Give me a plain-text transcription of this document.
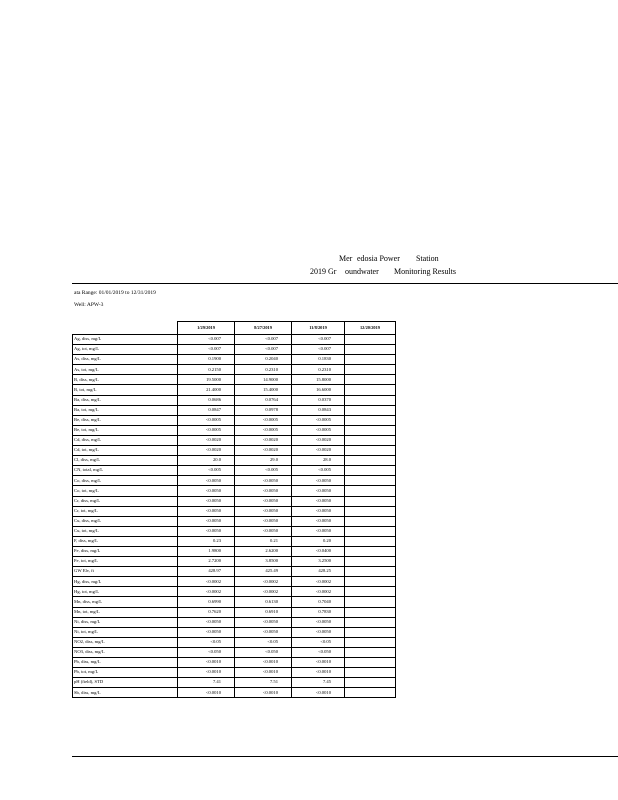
Mer edosia Power Station
2019 Gr oundwater Monitoring Results
ata Range: 01/01/2019 to 12/31/2019
Well: APW-3
	1/29/2019	8/27/2019	11/8/2019	12/20/2019
Ag, diss, mg/L	<0.007	<0.007	<0.007	
Ag, tot, mg/L	<0.007	<0.007	<0.007	
As, diss, mg/L	0.1900	0.2040	0.1830	
As, tot, mg/L	0.2150	0.2310	0.2310	
B, diss, mg/L	19.5000	14.9000	15.8000	
B, tot, mg/L	21.4000	15.4000	16.6000	
Ba, diss, mg/L	0.0686	0.0764	0.0370	
Ba, tot, mg/L	0.0847	0.0978	0.0843	
Be, diss, mg/L	<0.0005	<0.0005	<0.0005	
Be, tot, mg/L	<0.0005	<0.0005	<0.0005	
Cd, diss, mg/L	<0.0020	<0.0020	<0.0020	
Cd, tot, mg/L	<0.0020	<0.0020	<0.0020	
Cl, diss, mg/L	20.0	29.0	28.0	
CN, total, mg/L	<0.005	<0.005	<0.005	
Co, diss, mg/L	<0.0050	<0.0050	<0.0050	
Co, tot, mg/L	<0.0050	<0.0050	<0.0050	
Cr, diss, mg/L	<0.0050	<0.0050	<0.0050	
Cr, tot, mg/L	<0.0050	<0.0050	<0.0050	
Cu, diss, mg/L	<0.0050	<0.0050	<0.0050	
Cu, tot, mg/L	<0.0050	<0.0050	<0.0050	
F, diss, mg/L	0.23	0.21	0.20	
Fe, diss, mg/L	1.9800	2.6200	<0.0400	
Fe, tot, mg/L	2.7200	3.8500	3.2500	
GW Elv, ft	428.97	425.49	428.25	
Hg, diss, mg/L	<0.0002	<0.0002	<0.0002	
Hg, tot, mg/L	<0.0002	<0.0002	<0.0002	
Mn, diss, mg/L	0.6990	0.6130	0.7040	
Mn, tot, mg/L	0.7620	0.6910	0.7830	
Ni, diss, mg/L	<0.0050	<0.0050	<0.0050	
Ni, tot, mg/L	<0.0050	<0.0050	<0.0050	
NO2, diss, mg/L	<0.05	<0.05	<0.05	
NO3, diss, mg/L	<0.050	<0.050	<0.050	
Pb, diss, mg/L	<0.0010	<0.0010	<0.0010	
Pb, tot, mg/L	<0.0010	<0.0010	<0.0010	
pH (field), STD	7.41	7.51	7.45	
Sb, diss, mg/L	<0.0010	<0.0010	<0.0010	
